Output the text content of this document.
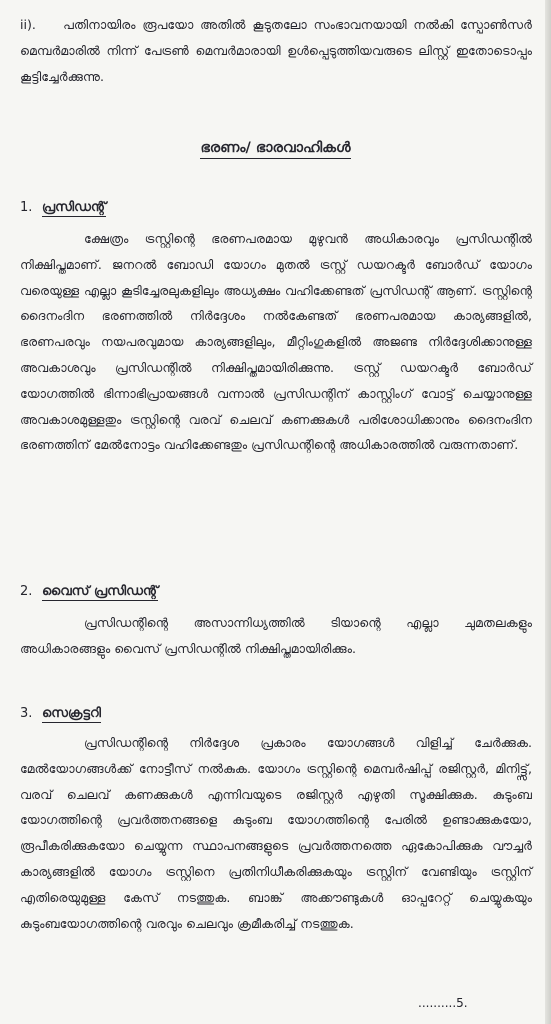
ii). പതിനായിരം രൂപയോ അതിൽ കൂടുതലോ സംഭാവനയായി നൽകി സ്പോൺസർ മെമ്പർമാരിൽ നിന്ന് പേട്രൺ മെമ്പർമാരായി ഉൾപ്പെടുത്തിയവരുടെ ലിസ്റ്റ് ഇതോടൊപ്പം കൂട്ടിച്ചേർക്കുന്നു.

ഭരണം/ ഭാരവാഹികൾ
1. പ്രസിഡന്റ്

ക്ഷേത്രം ട്രസ്റ്റിന്റെ ഭരണപരമായ മുഴുവൻ അധികാരവും പ്രസിഡന്റിൽ നിക്ഷിപ്തമാണ്. ജനറൽ ബോഡി യോഗം മുതൽ ട്രസ്റ്റ് ഡയറക്ടർ ബോർഡ് യോഗം വരെയുള്ള എല്ലാ കൂടിച്ചേരലുകളിലും അധ്യക്ഷം വഹിക്കേണ്ടത് പ്രസിഡന്റ് ആണ്. ട്രസ്റ്റിന്റെ ദൈനംദിന ഭരണത്തിൽ നിർദ്ദേശം നൽകേണ്ടത് ഭരണപരമായ കാര്യങ്ങളിൽ, ഭരണപരവും നയപരവുമായ കാര്യങ്ങളിലും, മീറ്റിംഗുകളിൽ അജണ്ട നിർദ്ദേശിക്കാനുള്ള അവകാശവും പ്രസിഡന്റിൽ നിക്ഷിപ്തമായിരിക്കുന്നു. ട്രസ്റ്റ് ഡയറക്ടർ ബോർഡ് യോഗത്തിൽ ഭിന്നാഭിപ്രായങ്ങൾ വന്നാൽ പ്രസിഡന്റിന് കാസ്റ്റിംഗ് വോട്ട് ചെയ്യാനുള്ള അവകാശമുള്ളതും ട്രസ്റ്റിന്റെ വരവ് ചെലവ് കണക്കുകൾ പരിശോധിക്കാനും ദൈനംദിന ഭരണത്തിന് മേൽനോട്ടം വഹിക്കേണ്ടതും പ്രസിഡന്റിന്റെ അധികാരത്തിൽ വരുന്നതാണ്.

2. വൈസ് പ്രസിഡന്റ്

പ്രസിഡന്റിന്റെ അസാന്നിധ്യത്തിൽ ടിയാന്റെ എല്ലാ ചുമതലകളും അധികാരങ്ങളും വൈസ് പ്രസിഡന്റിൽ നിക്ഷിപ്തമായിരിക്കും.

3. സെക്രട്ടറി

പ്രസിഡന്റിന്റെ നിർദ്ദേശ പ്രകാരം യോഗങ്ങൾ വിളിച്ച് ചേർക്കുക. മേൽയോഗങ്ങൾക്ക് നോട്ടീസ് നൽകുക. യോഗം ട്രസ്റ്റിന്റെ മെമ്പർഷിപ്പ് രജിസ്റ്റർ, മിനിട്ട്സ്, വരവ് ചെലവ് കണക്കുകൾ എന്നിവയുടെ രജിസ്റ്റർ എഴുതി സൂക്ഷിക്കുക. കുടുംബ യോഗത്തിന്റെ പ്രവർത്തനങ്ങളെ കുടുംബ യോഗത്തിന്റെ പേരിൽ ഉണ്ടാക്കുകയോ, രൂപീകരിക്കുകയോ ചെയ്യുന്ന സ്ഥാപനങ്ങളുടെ പ്രവർത്തനത്തെ ഏകോപിക്കുക വൗച്ചർ കാര്യങ്ങളിൽ യോഗം ട്രസ്റ്റിനെ പ്രതിനിധീകരിക്കുകയും ട്രസ്റ്റിന് വേണ്ടിയും ട്രസ്റ്റിന് എതിരെയുമുള്ള കേസ് നടത്തുക. ബാങ്ക് അക്കൗണ്ടുകൾ ഓപ്പറേറ്റ് ചെയ്യുകയും കുടുംബയോഗത്തിന്റെ വരവും ചെലവും ക്രമീകരിച്ച് നടത്തുക.

..........5.
